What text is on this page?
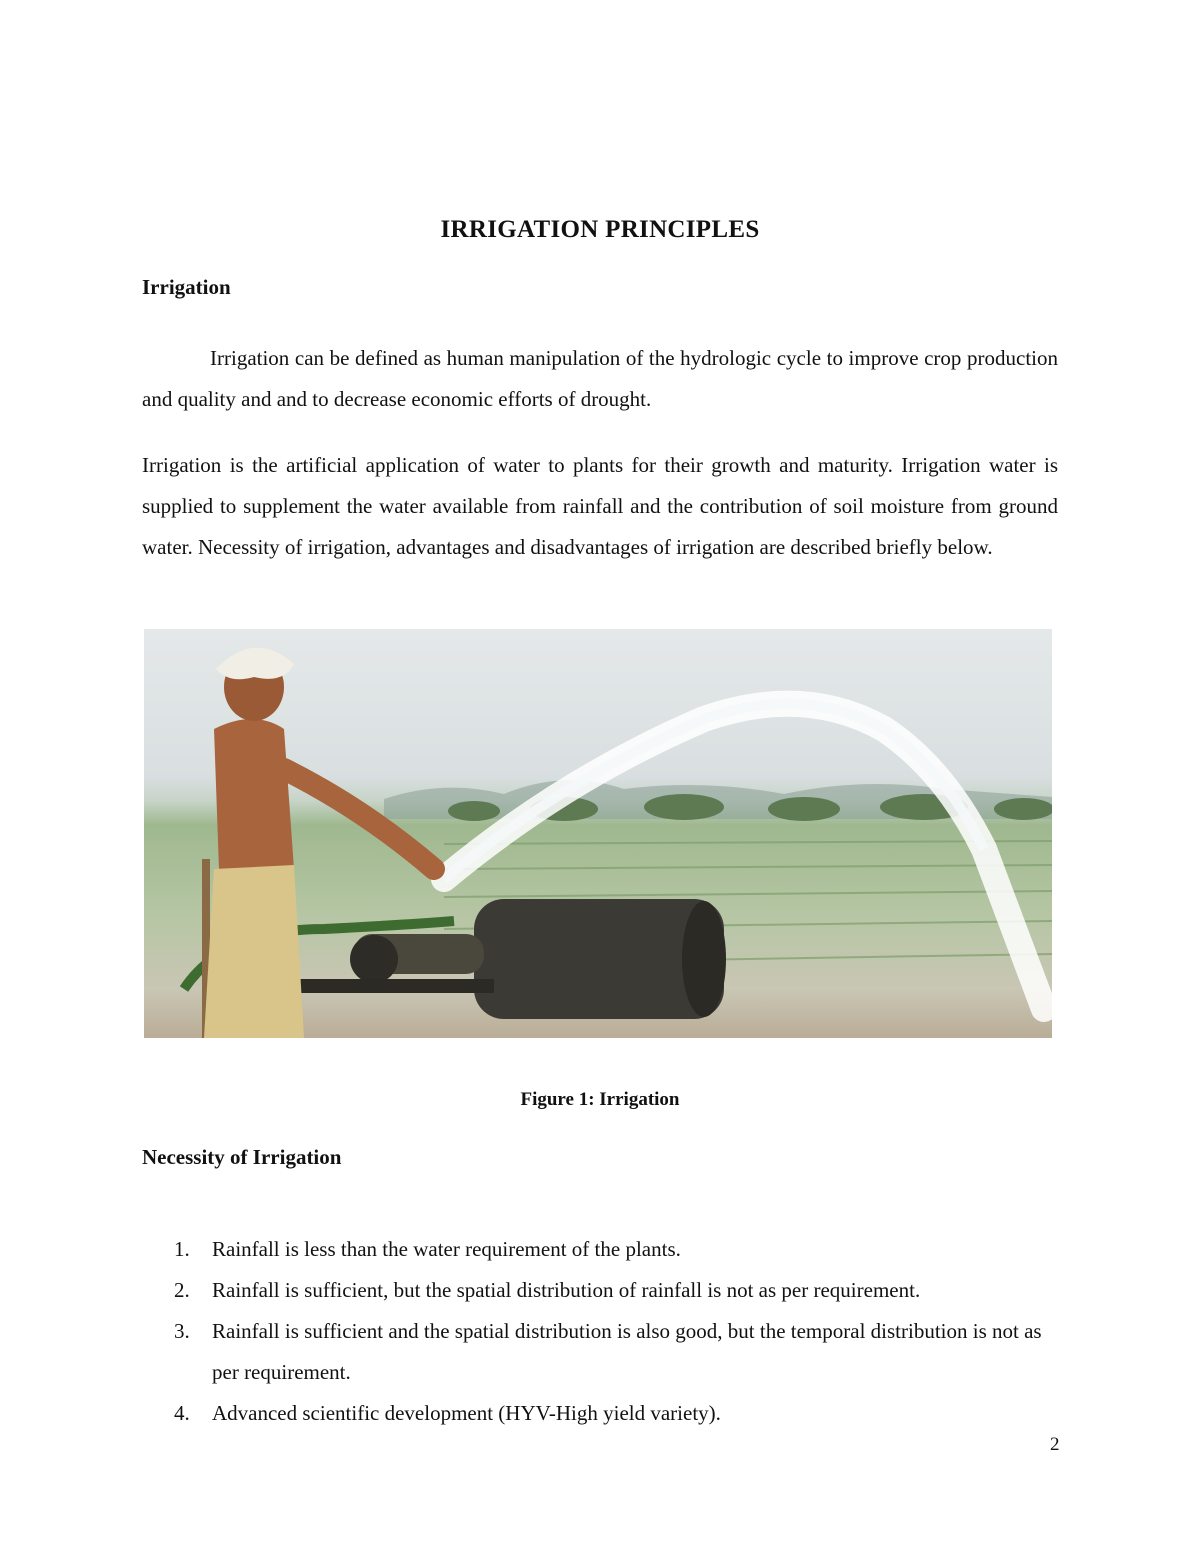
IRRIGATION PRINCIPLES
Irrigation

Irrigation can be defined as human manipulation of the hydrologic cycle to improve crop production and quality and and to decrease economic efforts of drought.

Irrigation is the artificial application of water to plants for their growth and maturity. Irrigation water is supplied to supplement the water available from rainfall and the contribution of soil moisture from ground water. Necessity of irrigation, advantages and disadvantages of irrigation are described briefly below.

Figure 1: Irrigation
Necessity of Irrigation
1. Rainfall is less than the water requirement of the plants.
2. Rainfall is sufficient, but the spatial distribution of rainfall is not as per requirement.
3. Rainfall is sufficient and the spatial distribution is also good, but the temporal distribution is not as per requirement.
4. Advanced scientific development (HYV-High yield variety).
2
